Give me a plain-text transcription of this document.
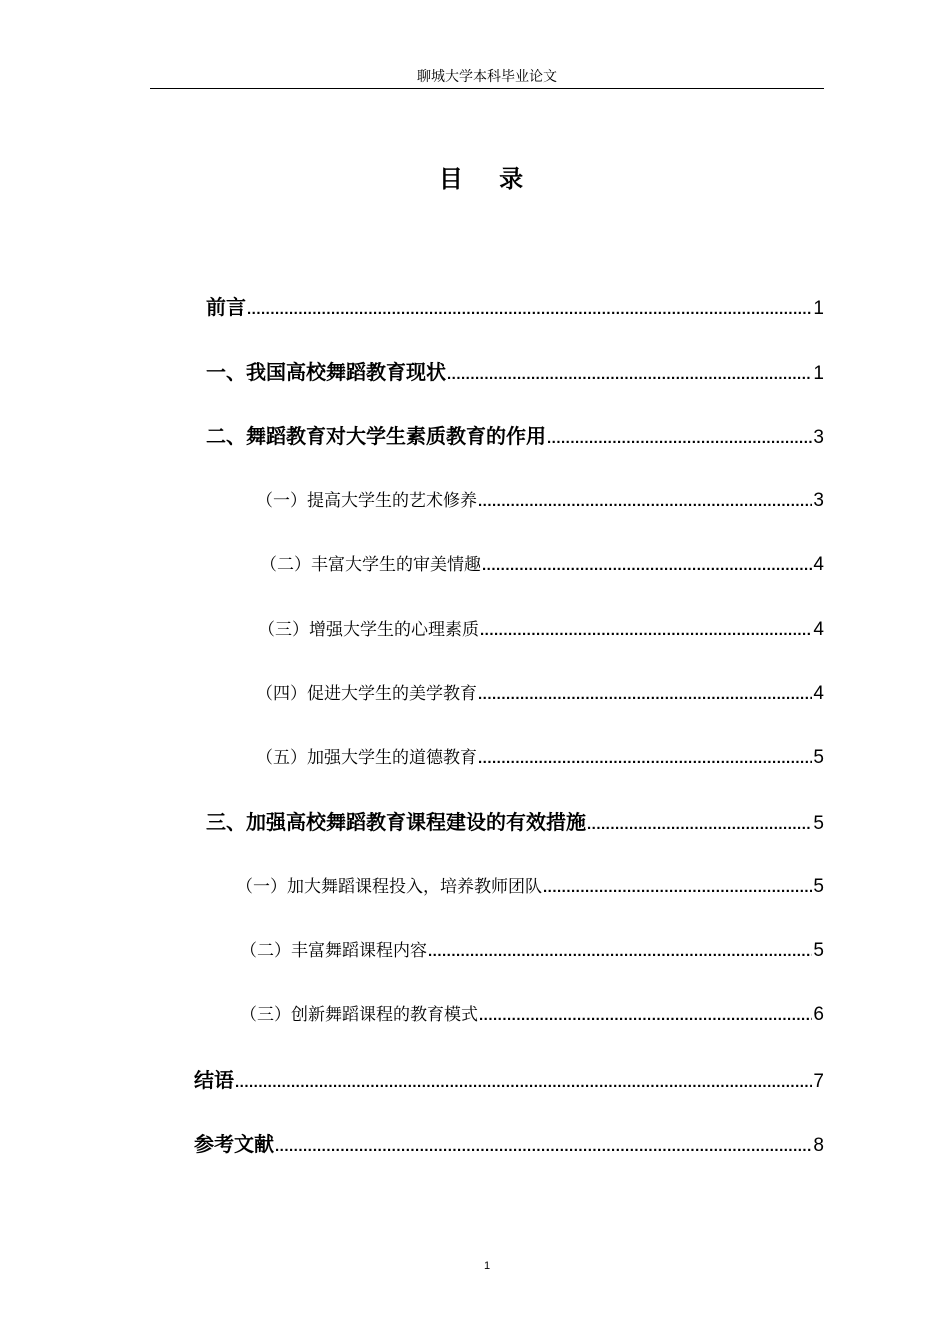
聊城大学本科毕业论文
目 录
前言 .....	1
一、我国高校舞蹈教育现状 .....	1
二、舞蹈教育对大学生素质教育的作用 .....	3
（一）提高大学生的艺术修养 .....	3
（二）丰富大学生的审美情趣 .....	4
（三）增强大学生的心理素质 .....	4
（四）促进大学生的美学教育 .....	4
（五）加强大学生的道德教育 .....	5
三、加强高校舞蹈教育课程建设的有效措施 .....	5
（一）加大舞蹈课程投入，培养教师团队 .....	5
（二）丰富舞蹈课程内容 .....	5
（三）创新舞蹈课程的教育模式 .....	6
结语 .....	7
参考文献 .....	8
1
